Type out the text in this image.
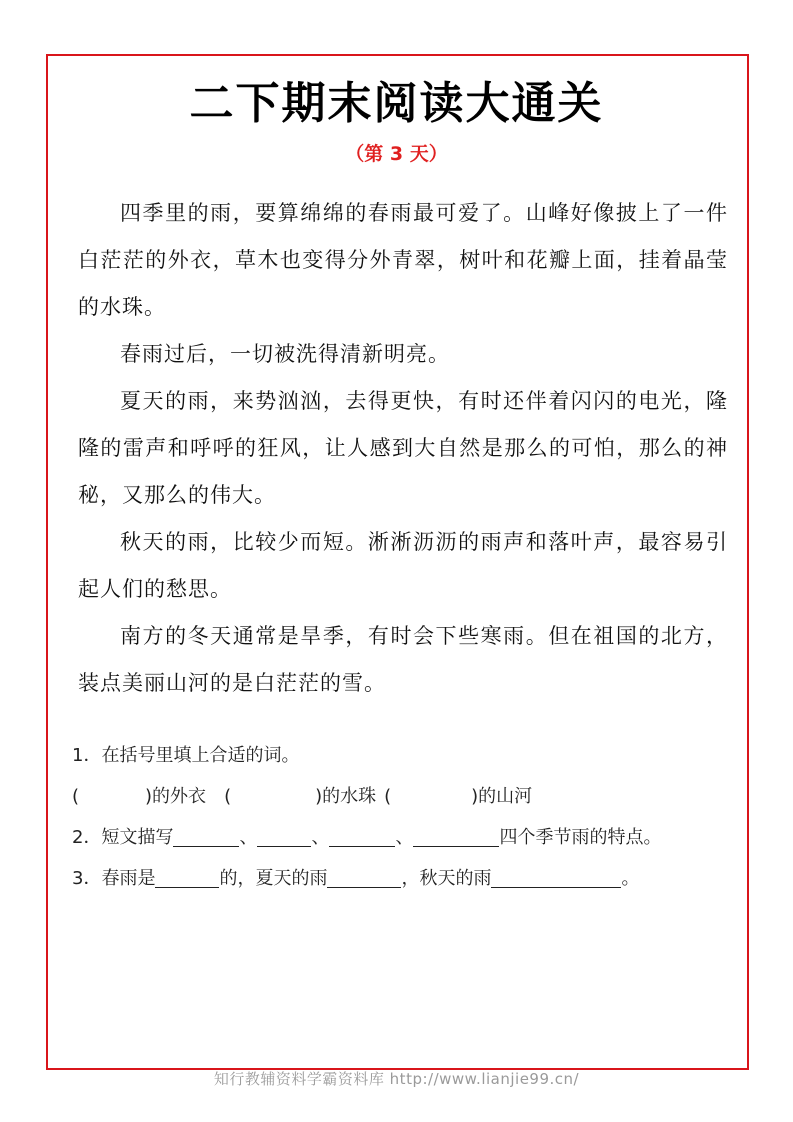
二下期末阅读大通关
（第 3 天）

四季里的雨，要算绵绵的春雨最可爱了。山峰好像披上了一件白茫茫的外衣，草木也变得分外青翠，树叶和花瓣上面，挂着晶莹的水珠。

春雨过后，一切被洗得清新明亮。

夏天的雨，来势汹汹，去得更快，有时还伴着闪闪的电光，隆隆的雷声和呼呼的狂风，让人感到大自然是那么的可怕，那么的神秘，又那么的伟大。

秋天的雨，比较少而短。淅淅沥沥的雨声和落叶声，最容易引起人们的愁思。

南方的冬天通常是旱季，有时会下些寒雨。但在祖国的北方，装点美丽山河的是白茫茫的雪。

1．在括号里填上合适的词。
(	)的外衣 (	)的水珠 (	)的山河
2．短文描写	、	、	、	四个季节雨的特点。
3．春雨是	的，夏天的雨	，秋天的雨	。
知行教辅资料学霸资料库 http://www.lianjie99.cn/
